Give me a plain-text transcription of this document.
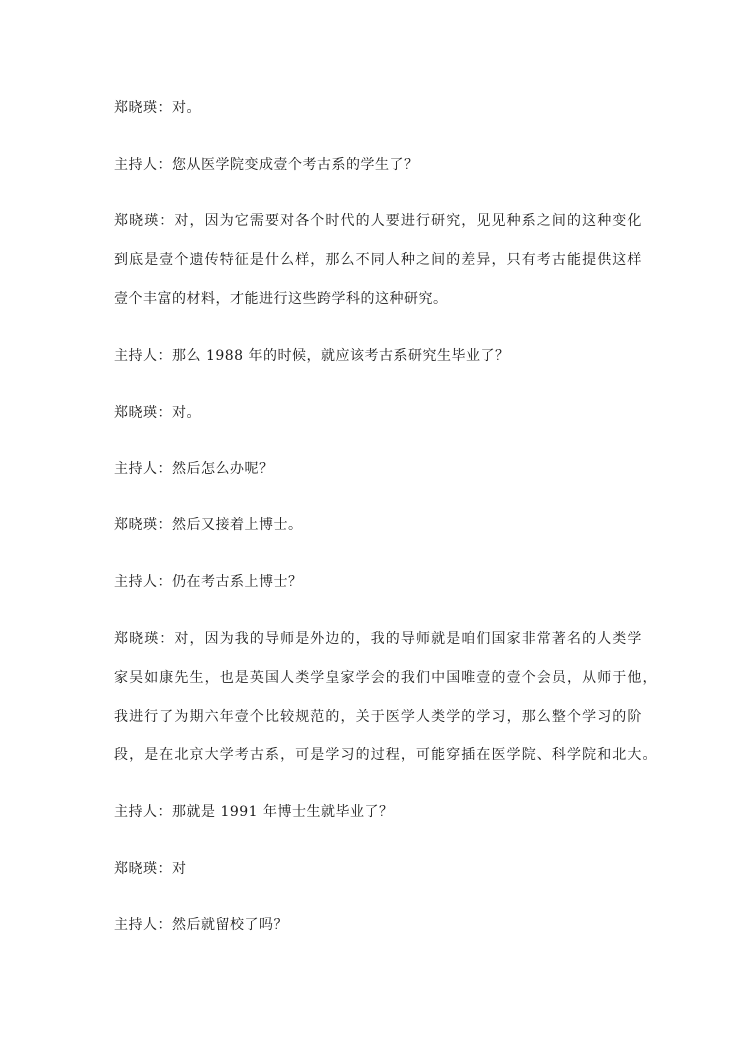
郑晓瑛：对。
主持人：您从医学院变成壹个考古系的学生了？
郑晓瑛：对，因为它需要对各个时代的人要进行研究，见见种系之间的这种变化
到底是壹个遗传特征是什么样，那么不同人种之间的差异，只有考古能提供这样
壹个丰富的材料，才能进行这些跨学科的这种研究。
主持人：那么 1988 年的时候，就应该考古系研究生毕业了？
郑晓瑛：对。
主持人：然后怎么办呢？
郑晓瑛：然后又接着上博士。
主持人：仍在考古系上博士？
郑晓瑛：对，因为我的导师是外边的，我的导师就是咱们国家非常著名的人类学
家吴如康先生，也是英国人类学皇家学会的我们中国唯壹的壹个会员，从师于他，
我进行了为期六年壹个比较规范的，关于医学人类学的学习，那么整个学习的阶
段，是在北京大学考古系，可是学习的过程，可能穿插在医学院、科学院和北大。
主持人：那就是 1991 年博士生就毕业了？
郑晓瑛：对
主持人：然后就留校了吗？
